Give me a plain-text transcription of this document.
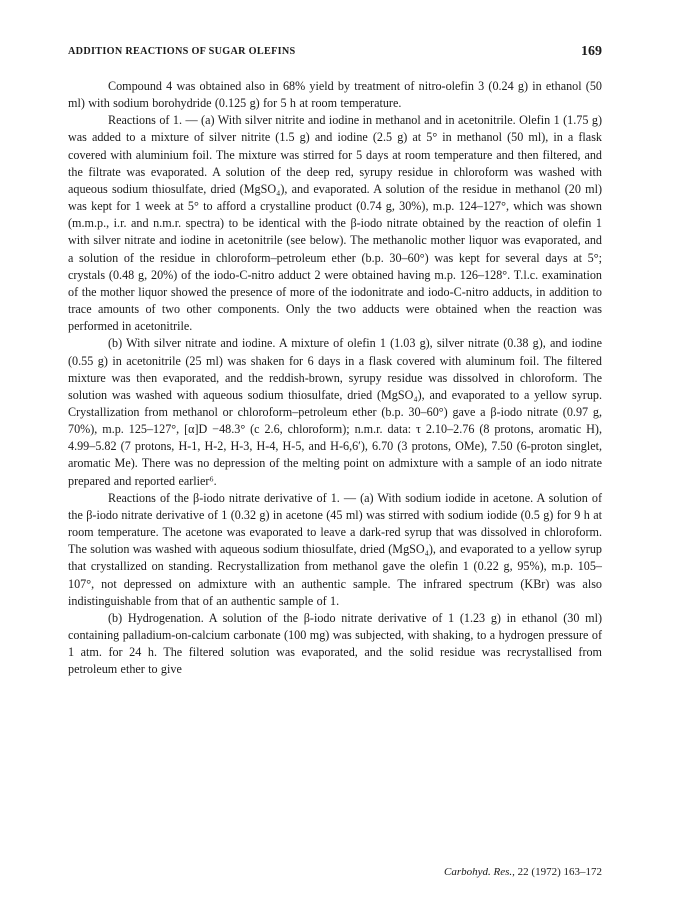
ADDITION REACTIONS OF SUGAR OLEFINS	169

Compound 4 was obtained also in 68% yield by treatment of nitro-olefin 3 (0.24 g) in ethanol (50 ml) with sodium borohydride (0.125 g) for 5 h at room temperature.

Reactions of 1. — (a) With silver nitrite and iodine in methanol and in acetonitrile. Olefin 1 (1.75 g) was added to a mixture of silver nitrite (1.5 g) and iodine (2.5 g) at 5° in methanol (50 ml), in a flask covered with aluminium foil. The mixture was stirred for 5 days at room temperature and then filtered, and the filtrate was evaporated. A solution of the deep red, syrupy residue in chloroform was washed with aqueous sodium thiosulfate, dried (MgSO₄), and evaporated. A solution of the residue in methanol (20 ml) was kept for 1 week at 5° to afford a crystalline product (0.74 g, 30%), m.p. 124–127°, which was shown (m.m.p., i.r. and n.m.r. spectra) to be identical with the β-iodo nitrate obtained by the reaction of olefin 1 with silver nitrate and iodine in acetonitrile (see below). The methanolic mother liquor was evaporated, and a solution of the residue in chloroform–petroleum ether (b.p. 30–60°) was kept for several days at 5°; crystals (0.48 g, 20%) of the iodo-C-nitro adduct 2 were obtained having m.p. 126–128°. T.l.c. examination of the mother liquor showed the presence of more of the iodonitrate and iodo-C-nitro adducts, in addition to trace amounts of two other components. Only the two adducts were obtained when the reaction was performed in acetonitrile.

(b) With silver nitrate and iodine. A mixture of olefin 1 (1.03 g), silver nitrate (0.38 g), and iodine (0.55 g) in acetonitrile (25 ml) was shaken for 6 days in a flask covered with aluminum foil. The filtered mixture was then evaporated, and the reddish-brown, syrupy residue was dissolved in chloroform. The solution was washed with aqueous sodium thiosulfate, dried (MgSO₄), and evaporated to a yellow syrup. Crystallization from methanol or chloroform–petroleum ether (b.p. 30–60°) gave a β-iodo nitrate (0.97 g, 70%), m.p. 125–127°, [α]D −48.3° (c 2.6, chloroform); n.m.r. data: τ 2.10–2.76 (8 protons, aromatic H), 4.99–5.82 (7 protons, H-1, H-2, H-3, H-4, H-5, and H-6,6′), 6.70 (3 protons, OMe), 7.50 (6-proton singlet, aromatic Me). There was no depression of the melting point on admixture with a sample of an iodo nitrate prepared and reported earlier⁶.

Reactions of the β-iodo nitrate derivative of 1. — (a) With sodium iodide in acetone. A solution of the β-iodo nitrate derivative of 1 (0.32 g) in acetone (45 ml) was stirred with sodium iodide (0.5 g) for 9 h at room temperature. The acetone was evaporated to leave a dark-red syrup that was dissolved in chloroform. The solution was washed with aqueous sodium thiosulfate, dried (MgSO₄), and evaporated to a yellow syrup that crystallized on standing. Recrystallization from methanol gave the olefin 1 (0.22 g, 95%), m.p. 105–107°, not depressed on admixture with an authentic sample. The infrared spectrum (KBr) was also indistinguishable from that of an authentic sample of 1.

(b) Hydrogenation. A solution of the β-iodo nitrate derivative of 1 (1.23 g) in ethanol (30 ml) containing palladium-on-calcium carbonate (100 mg) was subjected, with shaking, to a hydrogen pressure of 1 atm. for 24 h. The filtered solution was evaporated, and the solid residue was recrystallised from petroleum ether to give

Carbohyd. Res., 22 (1972) 163–172
